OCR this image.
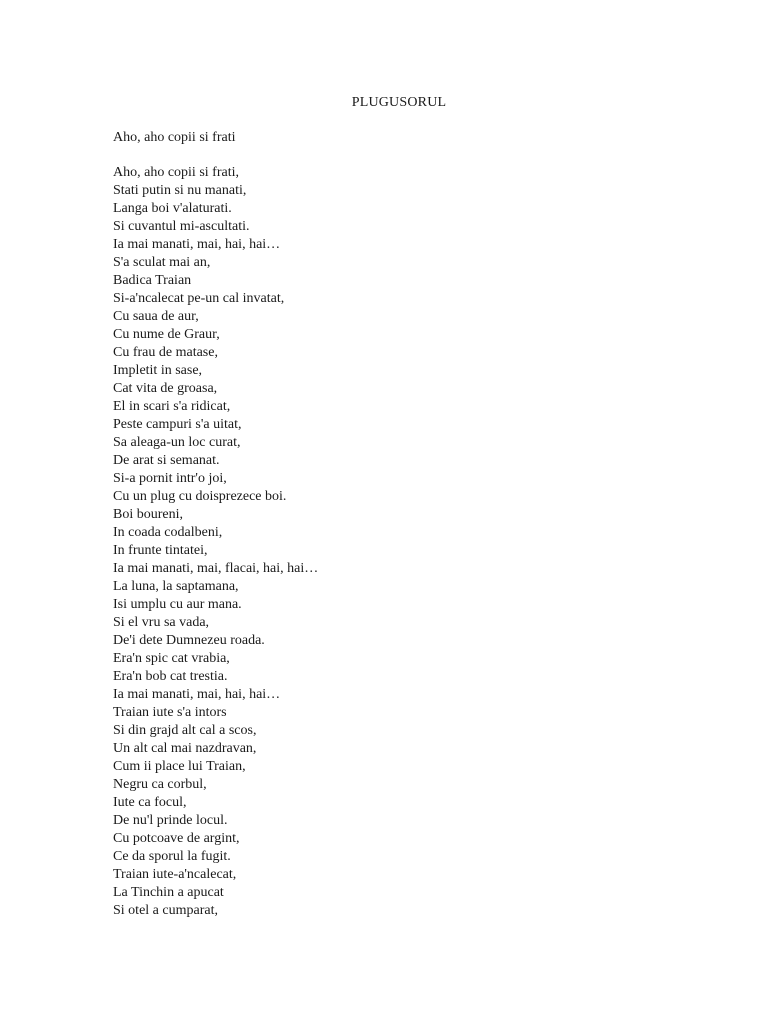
PLUGUSORUL
Aho, aho copii si frati
Aho, aho copii si frati,
Stati putin si nu manati,
Langa boi v'alaturati.
Si cuvantul mi-ascultati.
Ia mai manati, mai, hai, hai…
S'a sculat mai an,
Badica Traian
Si-a'ncalecat pe-un cal invatat,
Cu saua de aur,
Cu nume de Graur,
Cu frau de matase,
Impletit in sase,
Cat vita de groasa,
El in scari s'a ridicat,
Peste campuri s'a uitat,
Sa aleaga-un loc curat,
De arat si semanat.
Si-a pornit intr'o joi,
Cu un plug cu doisprezece boi.
Boi boureni,
In coada codalbeni,
In frunte tintatei,
Ia mai manati, mai, flacai, hai, hai…
La luna, la saptamana,
Isi umplu cu aur mana.
Si el vru sa vada,
De'i dete Dumnezeu roada.
Era'n spic cat vrabia,
Era'n bob cat trestia.
Ia mai manati, mai, hai, hai…
Traian iute s'a intors
Si din grajd alt cal a scos,
Un alt cal mai nazdravan,
Cum ii place lui Traian,
Negru ca corbul,
Iute ca focul,
De nu'l prinde locul.
Cu potcoave de argint,
Ce da sporul la fugit.
Traian iute-a'ncalecat,
La Tinchin a apucat
Si otel a cumparat,
